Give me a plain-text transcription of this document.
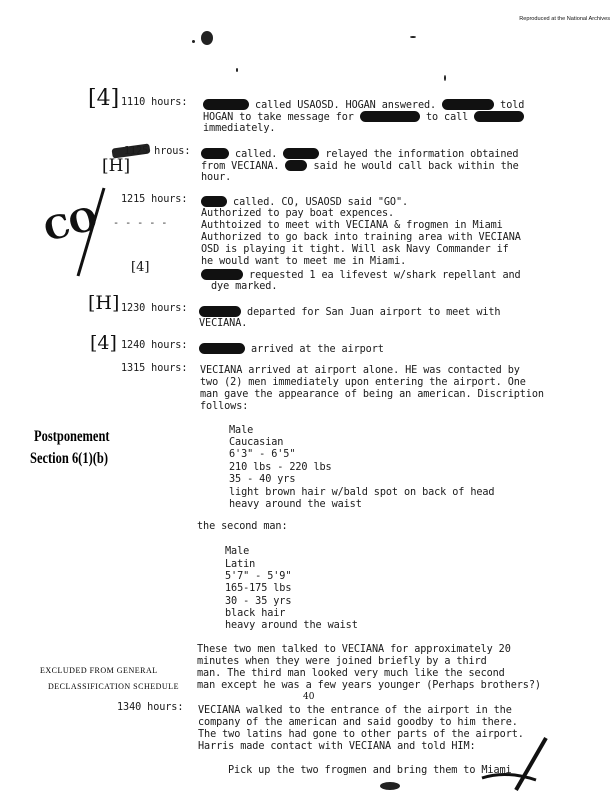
Reproduced at the National Archives
[4] 1110 hours:	called USAOSD. HOGAN answered.	told
HOGAN to take message for	to call
immediately.
1125 hrous:
[H]
called.	relayed the information obtained
from VECIANA.	said he would call back within the
hour.
1215 hours:	called. CO, USAOSD said "GO".
Authorized to pay boat expences.
Authtoized to meet with VECIANA & frogmen in Miami
Authorized to go back into training area with VECIANA
OSD is playing it tight. Will ask Navy Commander if
he would want to meet me in Miami.
requested 1 ea lifevest w/shark repellant and
dye marked.
CO - - - - -
[4]
[H] 1230 hours:	departed for San Juan airport to meet with
VECIANA.
[4] 1240 hours:	arrived at the airport
1315 hours: VECIANA arrived at airport alone. HE was contacted by
two (2) men immediately upon entering the airport. One
man gave the appearance of being an american. Discription
follows:
Male
Caucasian
6'3" - 6'5"
210 lbs - 220 lbs
35 - 40 yrs
light brown hair w/bald spot on back of head
heavy around the waist
the second man:
Male
Latin
5'7" - 5'9"
165-175 lbs
30 - 35 yrs
black hair
heavy around the waist
These two men talked to VECIANA for approximately 20
minutes when they were joined briefly by a third
man. The third man looked very much like the second
man except he was a few years younger (Perhaps brothers?)
40
1340 hours: VECIANA walked to the entrance of the airport in the
company of the american and said goodby to him there.
The two latins had gone to other parts of the airport.
Harris made contact with VECIANA and told HIM:
Pick up the two frogmen and bring them to Miami
Postponement
Section 6(1)(b)
EXCLUDED FROM GENERAL
DECLASSIFICATION SCHEDULE
